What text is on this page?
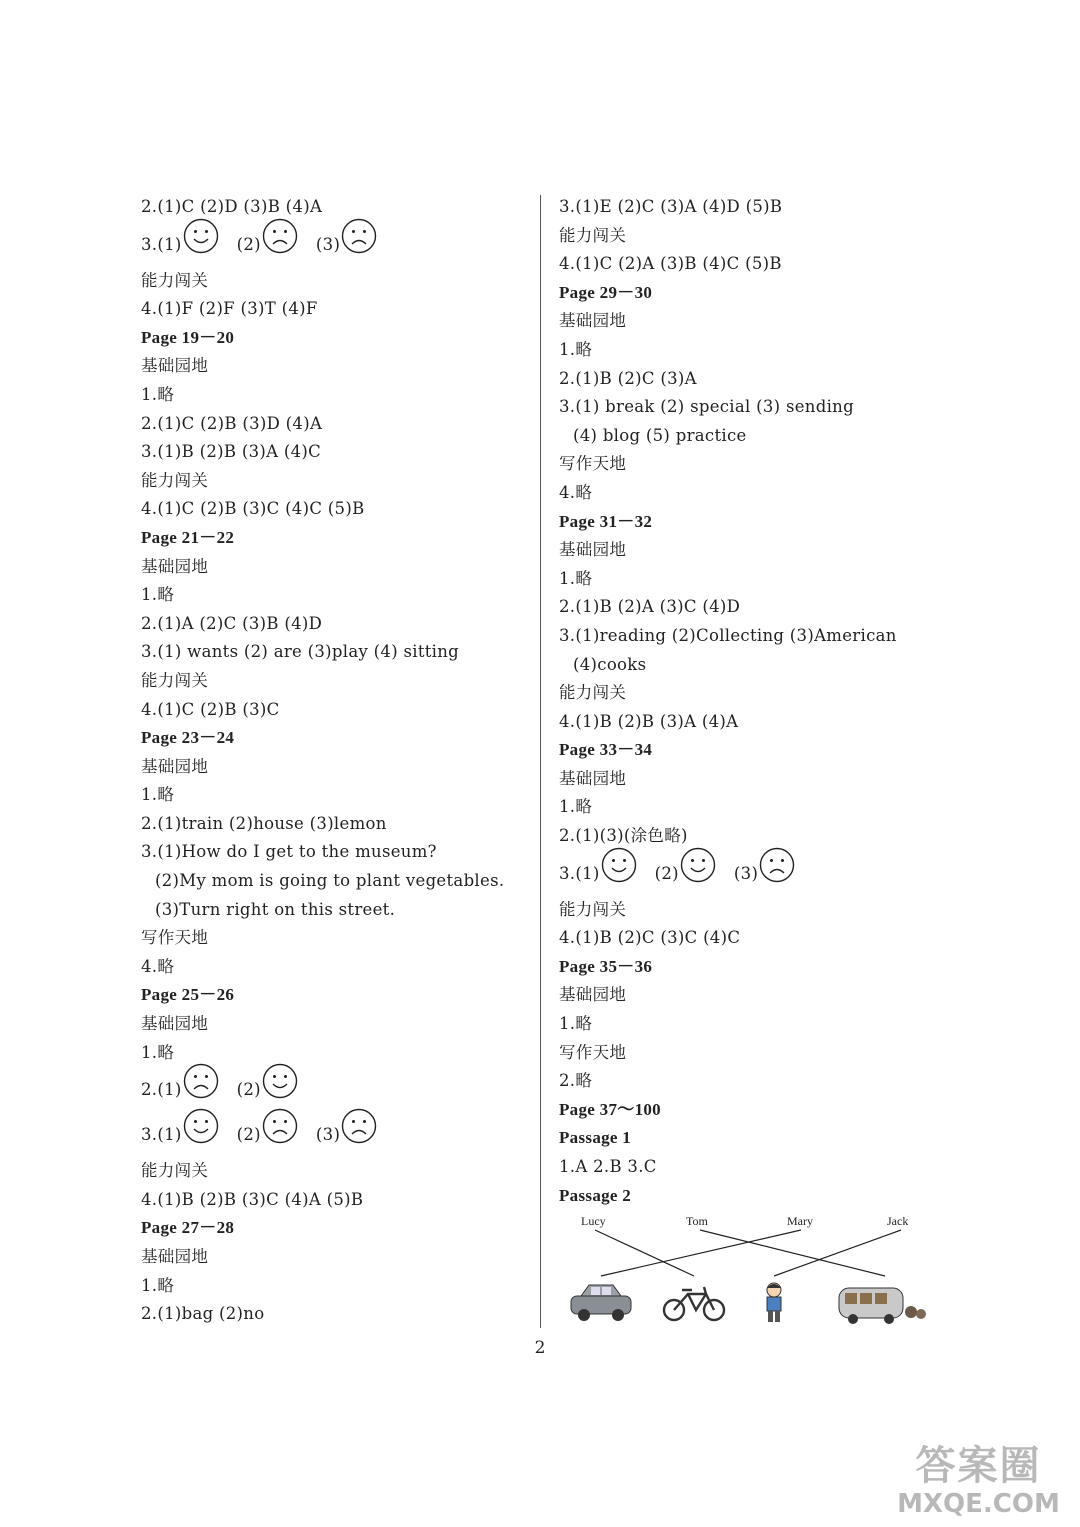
2.(1)C (2)D (3)B (4)A
3. (1)	(2)	(3)
能力闯关
4.(1)F (2)F (3)T (4)F
Page 19－20
基础园地
1.略
2.(1)C (2)B (3)D (4)A
3.(1)B (2)B (3)A (4)C
能力闯关
4.(1)C (2)B (3)C (4)C (5)B
Page 21－22
基础园地
1.略
2.(1)A (2)C (3)B (4)D
3.(1) wants (2) are (3)play (4) sitting
能力闯关
4.(1)C (2)B (3)C
Page 23－24
基础园地
1.略
2.(1)train (2)house (3)lemon
3.(1)How do I get to the museum?
(2)My mom is going to plant vegetables.
(3)Turn right on this street.
写作天地
4.略
Page 25－26
基础园地
1.略
2. (1)	(2)
3. (1)	(2)	(3)
能力闯关
4.(1)B (2)B (3)C (4)A (5)B
Page 27－28
基础园地
1.略
2.(1)bag (2)no
3.(1)E (2)C (3)A (4)D (5)B
能力闯关
4.(1)C (2)A (3)B (4)C (5)B
Page 29－30
基础园地
1.略
2.(1)B (2)C (3)A
3.(1) break (2) special (3) sending
(4) blog (5) practice
写作天地
4.略
Page 31－32
基础园地
1.略
2.(1)B (2)A (3)C (4)D
3.(1)reading (2)Collecting (3)American
(4)cooks
能力闯关
4.(1)B (2)B (3)A (4)A
Page 33－34
基础园地
1.略
2.(1)(3)(涂色略)
3. (1)	(2)	(3)
能力闯关
4.(1)B (2)C (3)C (4)C
Page 35－36
基础园地
1.略
写作天地
2.略
Page 37～100
Passage 1
1.A 2.B 3.C
Passage 2
Lucy	Tom	Mary	Jack
2
答案圈
MXQE.COM
